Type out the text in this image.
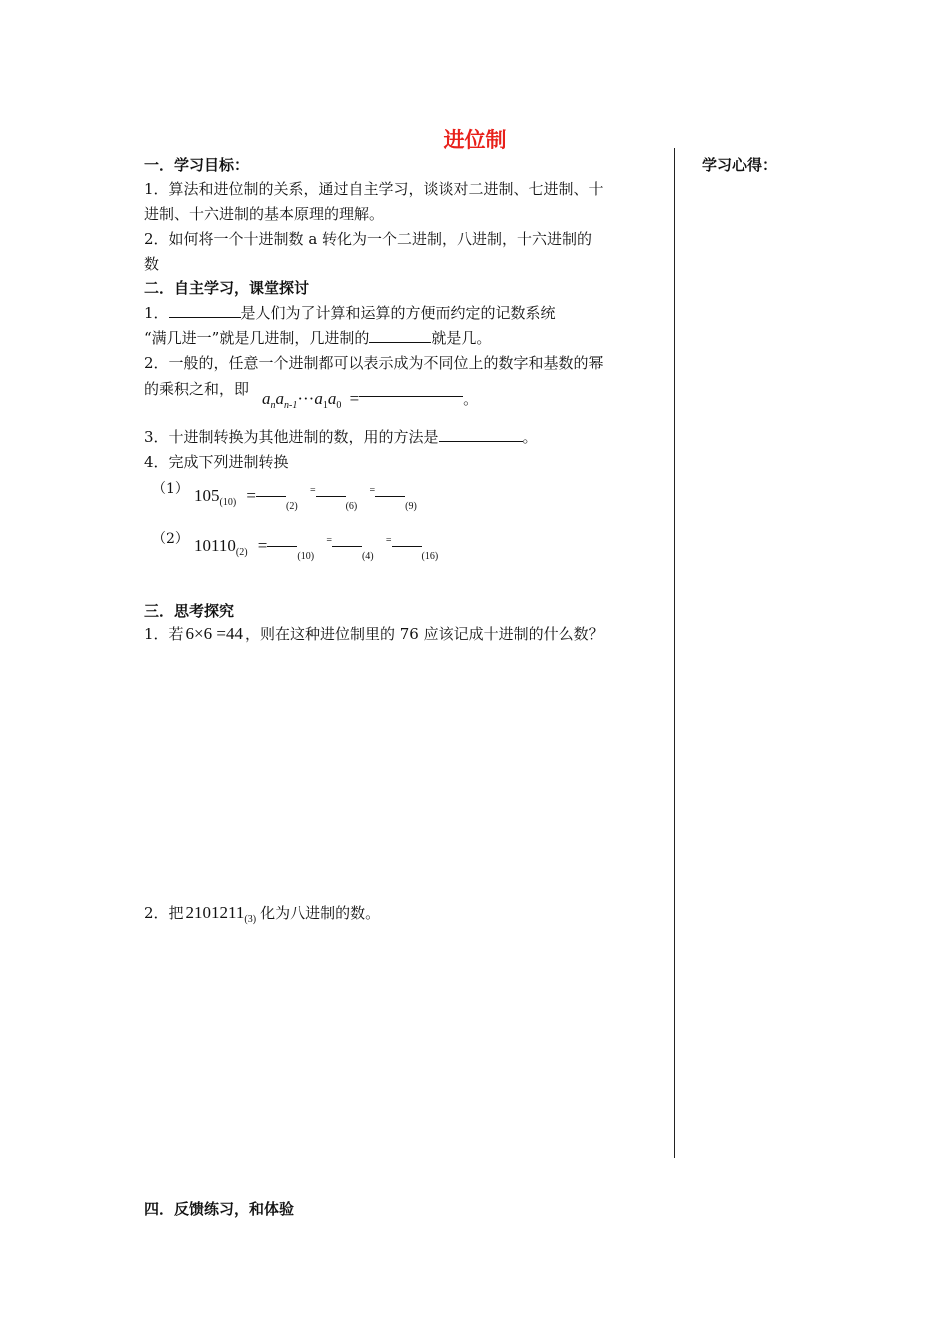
进位制
学习心得：
一．学习目标：
1．算法和进位制的关系，通过自主学习，谈谈对二进制、七进制、十
进制、十六进制的基本原理的理解。
2．如何将一个十进制数 a 转化为一个二进制，八进制，十六进制的
数
二．自主学习，课堂探讨
1．	是人们为了计算和运算的方便而约定的记数系统
“满几进一”就是几进制，几进制的	就是几。
2．一般的，任意一个进制都可以表示成为不同位上的数字和基数的幂
的乘积之和，即 $a_na_{n-1}\cdot\cdot\cdot a_1a_0$ =	。
3．十进制转换为其他进制的数，用的方法是	。
4．完成下列进制转换
（1） $105_{(10)} =_{(2)}$ =$_{(6)}$ =$_{(9)}$
（2） $10110_{(2)} =_{(10)}$ =$_{(4)}$ =$_{(16)}$
三．思考探究
1．若 6×6 =44 ，则在这种进位制里的 76 应该记成十进制的什么数？
2．把 $2101211_{(3)}$ 化为八进制的数。
四．反馈练习，和体验
